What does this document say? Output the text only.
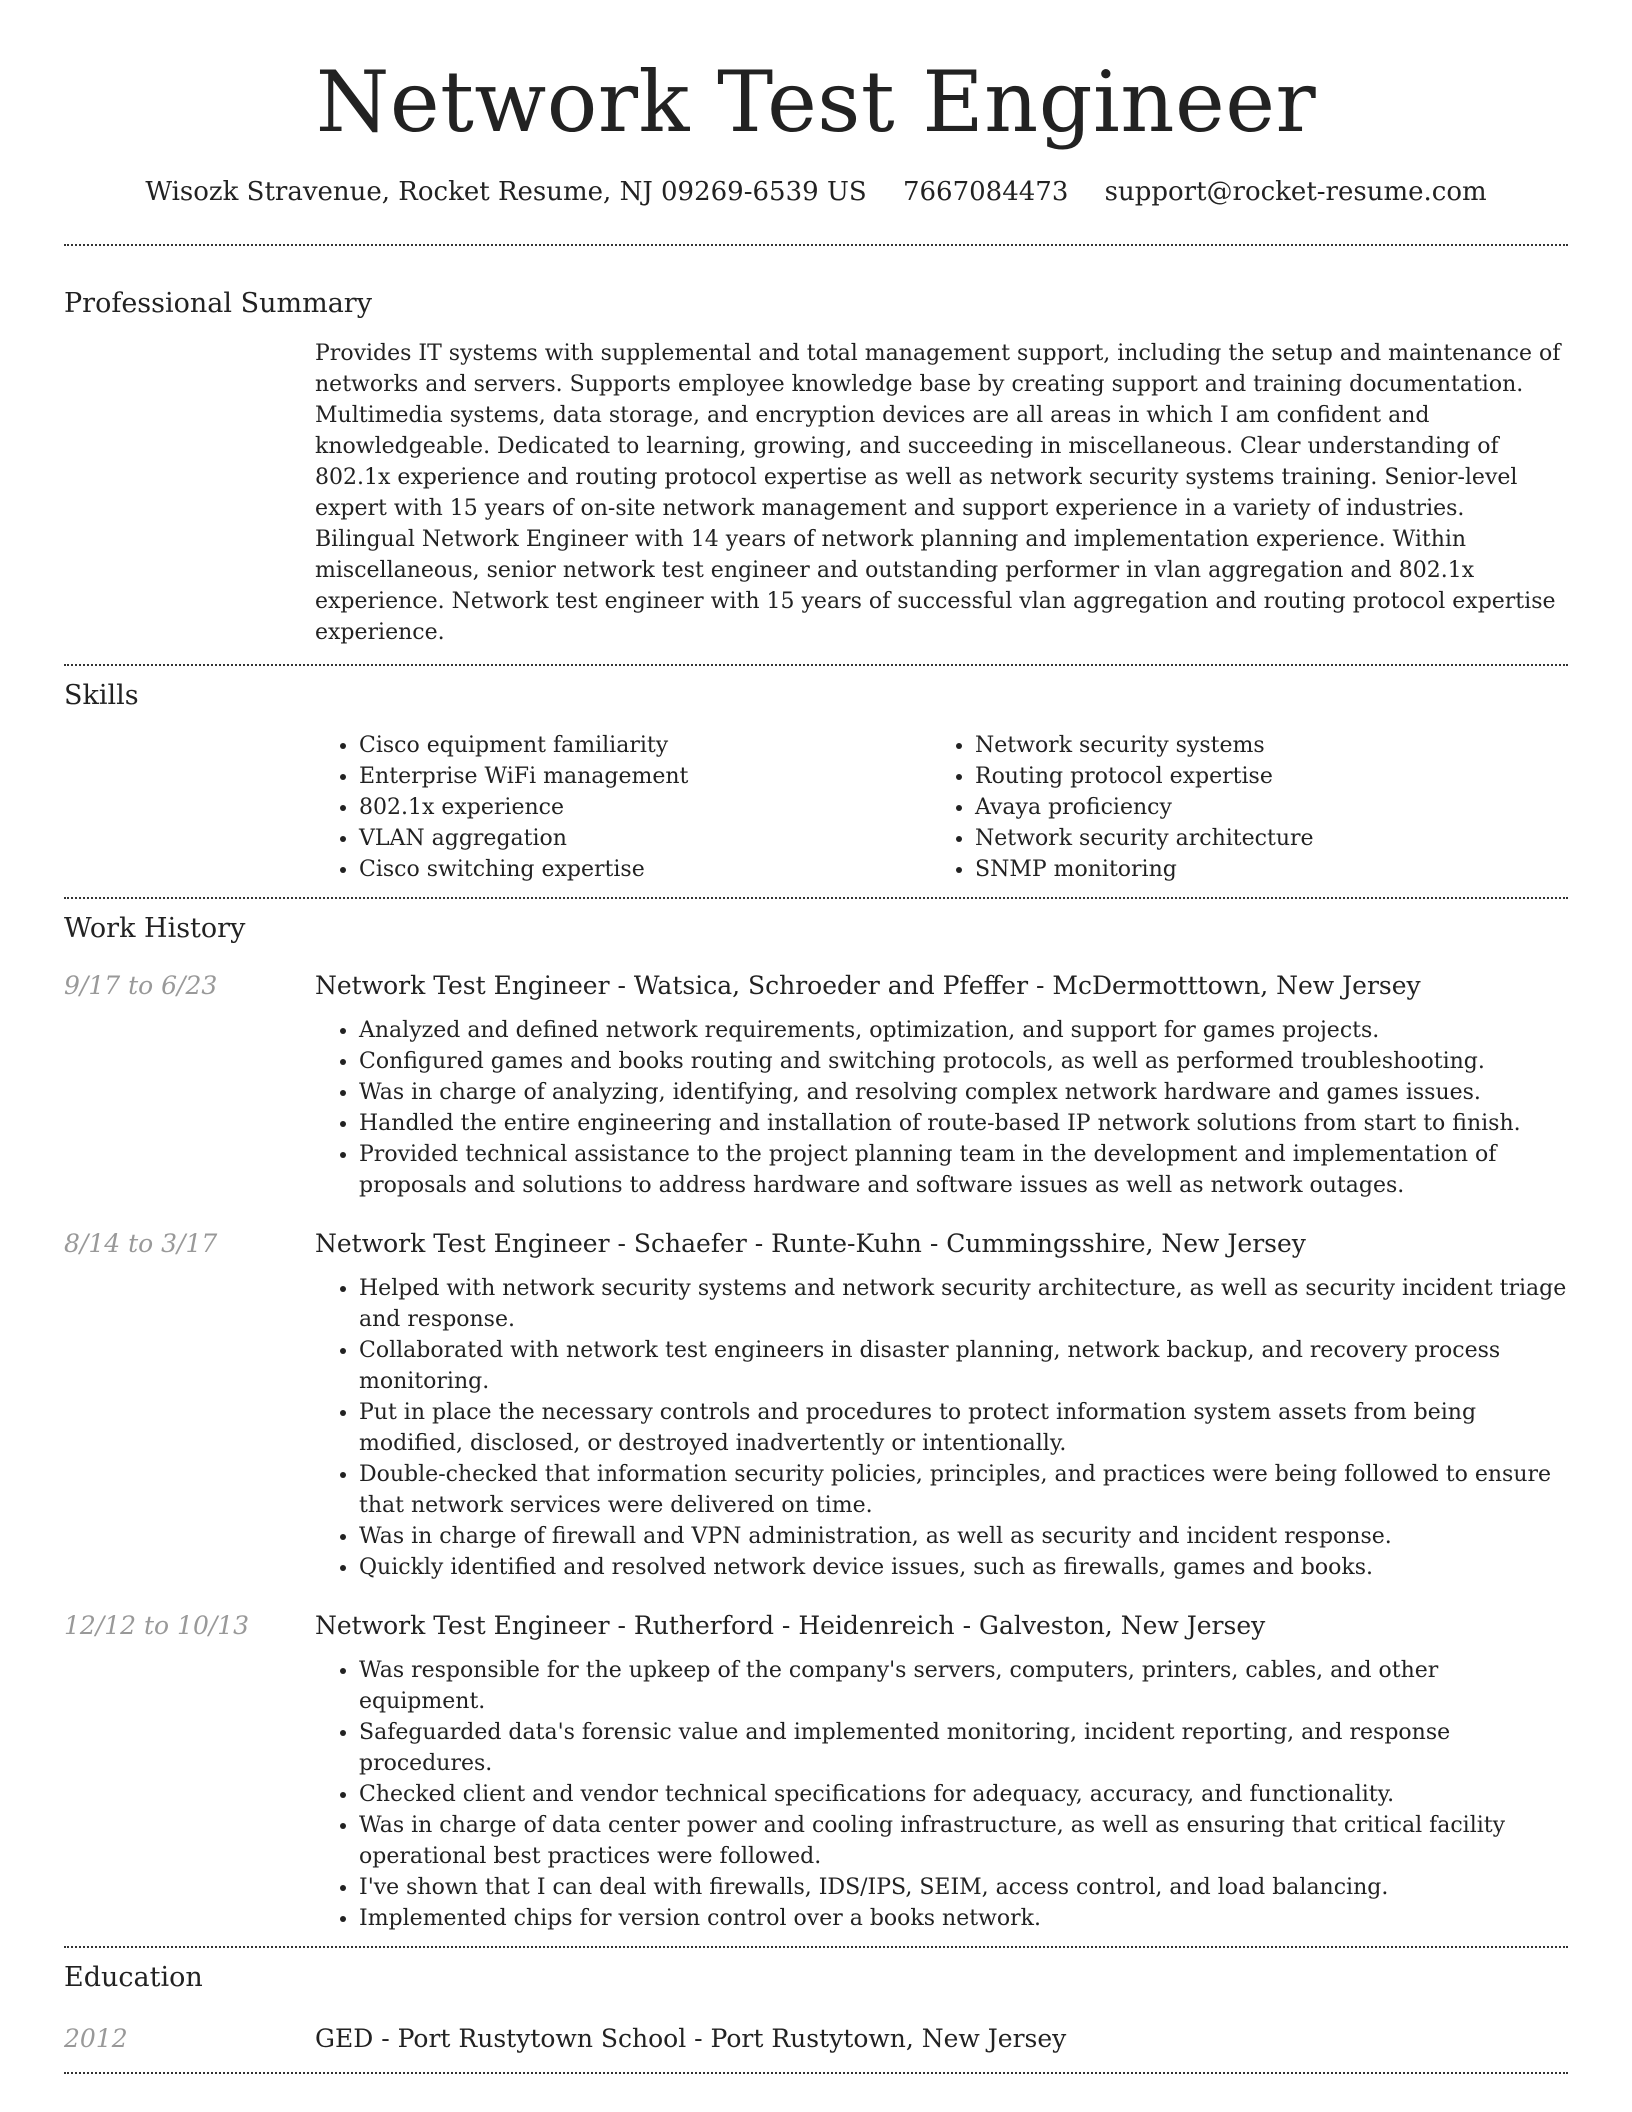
Network Test Engineer
Wisozk Stravenue, Rocket Resume, NJ 09269-6539 US 7667084473 support@rocket-resume.com
Professional Summary

Provides IT systems with supplemental and total management support, including the setup and maintenance of networks and servers. Supports employee knowledge base by creating support and training documentation. Multimedia systems, data storage, and encryption devices are all areas in which I am confident and knowledgeable. Dedicated to learning, growing, and succeeding in miscellaneous. Clear understanding of 802.1x experience and routing protocol expertise as well as network security systems training. Senior-level expert with 15 years of on-site network management and support experience in a variety of industries. Bilingual Network Engineer with 14 years of network planning and implementation experience. Within miscellaneous, senior network test engineer and outstanding performer in vlan aggregation and 802.1x experience. Network test engineer with 15 years of successful vlan aggregation and routing protocol expertise experience.

Skills
• Cisco equipment familiarity
• Enterprise WiFi management
• 802.1x experience
• VLAN aggregation
• Cisco switching expertise
• Network security systems
• Routing protocol expertise
• Avaya proficiency
• Network security architecture
• SNMP monitoring
Work History
9/17 to 6/23	Network Test Engineer - Watsica, Schroeder and Pfeffer - McDermotttown, New Jersey
• Analyzed and defined network requirements, optimization, and support for games projects.
• Configured games and books routing and switching protocols, as well as performed troubleshooting.
• Was in charge of analyzing, identifying, and resolving complex network hardware and games issues.
• Handled the entire engineering and installation of route-based IP network solutions from start to finish.
• Provided technical assistance to the project planning team in the development and implementation of proposals and solutions to address hardware and software issues as well as network outages.
8/14 to 3/17	Network Test Engineer - Schaefer - Runte-Kuhn - Cummingsshire, New Jersey
• Helped with network security systems and network security architecture, as well as security incident triage and response.
• Collaborated with network test engineers in disaster planning, network backup, and recovery process monitoring.
• Put in place the necessary controls and procedures to protect information system assets from being modified, disclosed, or destroyed inadvertently or intentionally.
• Double-checked that information security policies, principles, and practices were being followed to ensure that network services were delivered on time.
• Was in charge of firewall and VPN administration, as well as security and incident response.
• Quickly identified and resolved network device issues, such as firewalls, games and books.
12/12 to 10/13	Network Test Engineer - Rutherford - Heidenreich - Galveston, New Jersey
• Was responsible for the upkeep of the company's servers, computers, printers, cables, and other equipment.
• Safeguarded data's forensic value and implemented monitoring, incident reporting, and response procedures.
• Checked client and vendor technical specifications for adequacy, accuracy, and functionality.
• Was in charge of data center power and cooling infrastructure, as well as ensuring that critical facility operational best practices were followed.
• I've shown that I can deal with firewalls, IDS/IPS, SEIM, access control, and load balancing.
• Implemented chips for version control over a books network.
Education
2012	GED - Port Rustytown School - Port Rustytown, New Jersey
